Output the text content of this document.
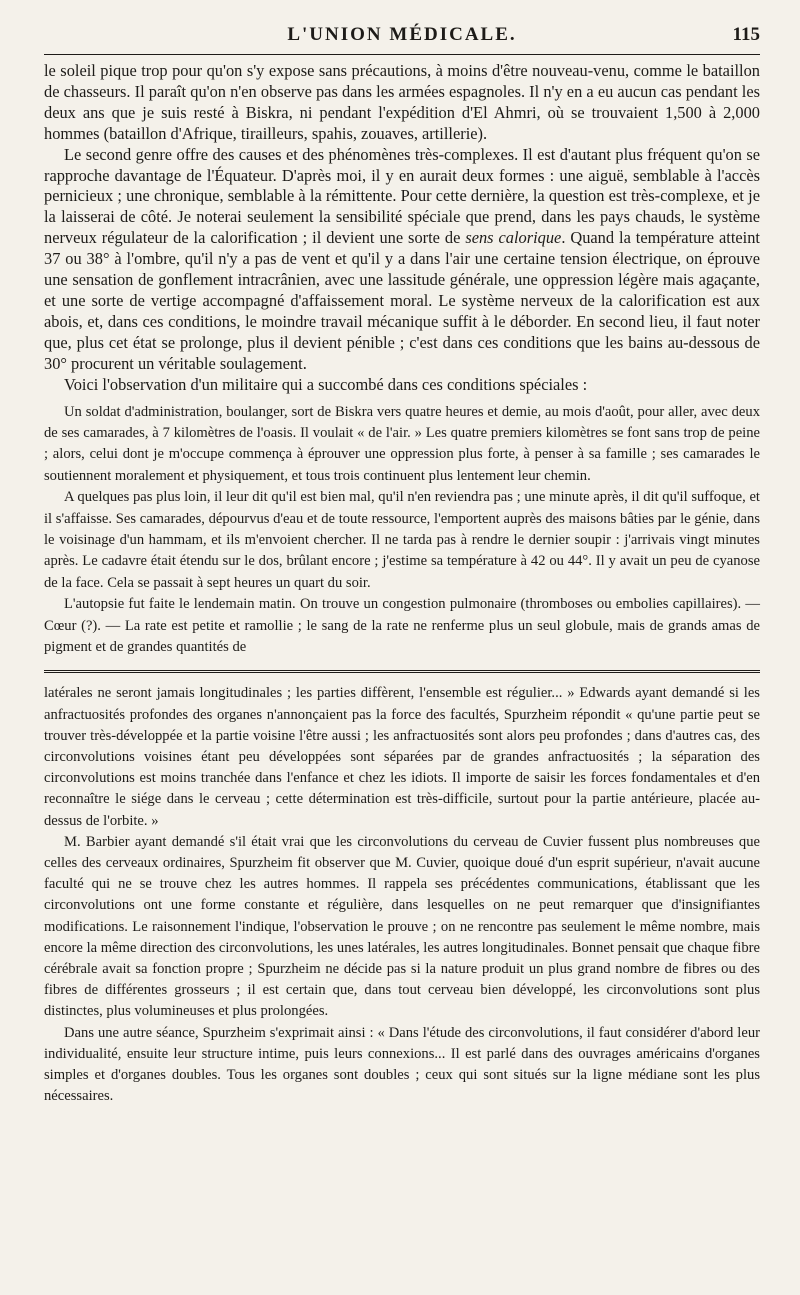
L'UNION MÉDICALE.	115

le soleil pique trop pour qu'on s'y expose sans précautions, à moins d'être nouveau-venu, comme le bataillon de chasseurs. Il paraît qu'on n'en observe pas dans les armées espagnoles. Il n'y en a eu aucun cas pendant les deux ans que je suis resté à Biskra, ni pendant l'expédition d'El Ahmri, où se trouvaient 1,500 à 2,000 hommes (bataillon d'Afrique, tirailleurs, spahis, zouaves, artillerie).

Le second genre offre des causes et des phénomènes très-complexes. Il est d'autant plus fréquent qu'on se rapproche davantage de l'Équateur. D'après moi, il y en aurait deux formes : une aiguë, semblable à l'accès pernicieux ; une chronique, semblable à la rémittente. Pour cette dernière, la question est très-complexe, et je la laisserai de côté. Je noterai seulement la sensibilité spéciale que prend, dans les pays chauds, le système nerveux régulateur de la calorification ; il devient une sorte de sens calorique. Quand la température atteint 37 ou 38° à l'ombre, qu'il n'y a pas de vent et qu'il y a dans l'air une certaine tension électrique, on éprouve une sensation de gonflement intracrânien, avec une lassitude générale, une oppression légère mais agaçante, et une sorte de vertige accompagné d'affaissement moral. Le système nerveux de la calorification est aux abois, et, dans ces conditions, le moindre travail mécanique suffit à le déborder. En second lieu, il faut noter que, plus cet état se prolonge, plus il devient pénible ; c'est dans ces conditions que les bains au-dessous de 30° procurent un véritable soulagement.

Voici l'observation d'un militaire qui a succombé dans ces conditions spéciales :

Un soldat d'administration, boulanger, sort de Biskra vers quatre heures et demie, au mois d'août, pour aller, avec deux de ses camarades, à 7 kilomètres de l'oasis. Il voulait « de l'air. » Les quatre premiers kilomètres se font sans trop de peine ; alors, celui dont je m'occupe commença à éprouver une oppression plus forte, à penser à sa famille ; ses camarades le soutiennent moralement et physiquement, et tous trois continuent plus lentement leur chemin.

A quelques pas plus loin, il leur dit qu'il est bien mal, qu'il n'en reviendra pas ; une minute après, il dit qu'il suffoque, et il s'affaisse. Ses camarades, dépourvus d'eau et de toute ressource, l'emportent auprès des maisons bâties par le génie, dans le voisinage d'un hammam, et ils m'envoient chercher. Il ne tarda pas à rendre le dernier soupir : j'arrivais vingt minutes après. Le cadavre était étendu sur le dos, brûlant encore ; j'estime sa température à 42 ou 44°. Il y avait un peu de cyanose de la face. Cela se passait à sept heures un quart du soir.

L'autopsie fut faite le lendemain matin. On trouve un congestion pulmonaire (thromboses ou embolies capillaires). — Cœur (?). — La rate est petite et ramollie ; le sang de la rate ne renferme plus un seul globule, mais de grands amas de pigment et de grandes quantités de

latérales ne seront jamais longitudinales ; les parties diffèrent, l'ensemble est régulier... » Edwards ayant demandé si les anfractuosités profondes des organes n'annonçaient pas la force des facultés, Spurzheim répondit « qu'une partie peut se trouver très-développée et la partie voisine l'être aussi ; les anfractuosités sont alors peu profondes ; dans d'autres cas, des circonvolutions voisines étant peu développées sont séparées par de grandes anfractuosités ; la séparation des circonvolutions est moins tranchée dans l'enfance et chez les idiots. Il importe de saisir les forces fondamentales et d'en reconnaître le siége dans le cerveau ; cette détermination est très-difficile, surtout pour la partie antérieure, placée au-dessus de l'orbite. »

M. Barbier ayant demandé s'il était vrai que les circonvolutions du cerveau de Cuvier fussent plus nombreuses que celles des cerveaux ordinaires, Spurzheim fit observer que M. Cuvier, quoique doué d'un esprit supérieur, n'avait aucune faculté qui ne se trouve chez les autres hommes. Il rappela ses précédentes communications, établissant que les circonvolutions ont une forme constante et régulière, dans lesquelles on ne peut remarquer que d'insignifiantes modifications. Le raisonnement l'indique, l'observation le prouve ; on ne rencontre pas seulement le même nombre, mais encore la même direction des circonvolutions, les unes latérales, les autres longitudinales. Bonnet pensait que chaque fibre cérébrale avait sa fonction propre ; Spurzheim ne décide pas si la nature produit un plus grand nombre de fibres ou des fibres de différentes grosseurs ; il est certain que, dans tout cerveau bien développé, les circonvolutions sont plus distinctes, plus volumineuses et plus prolongées.

Dans une autre séance, Spurzheim s'exprimait ainsi : « Dans l'étude des circonvolutions, il faut considérer d'abord leur individualité, ensuite leur structure intime, puis leurs connexions... Il est parlé dans des ouvrages américains d'organes simples et d'organes doubles. Tous les organes sont doubles ; ceux qui sont situés sur la ligne médiane sont les plus nécessaires.
